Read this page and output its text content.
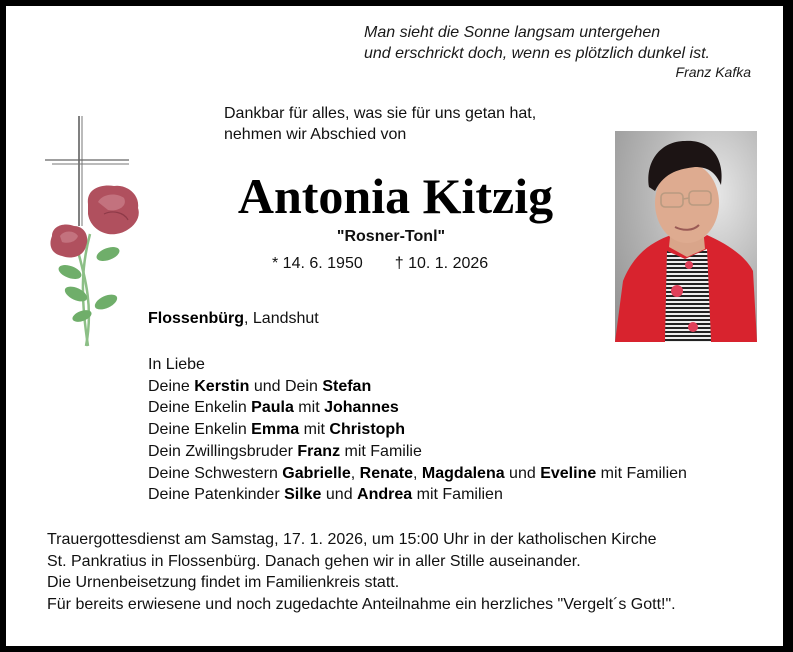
Man sieht die Sonne langsam untergehen
und erschrickt doch, wenn es plötzlich dunkel ist.
Franz Kafka
Dankbar für alles, was sie für uns getan hat,
nehmen wir Abschied von
Antonia Kitzig
"Rosner-Tonl"
* 14. 6. 1950 † 10. 1. 2026
Flossenbürg, Landshut
In Liebe
Deine Kerstin und Dein Stefan
Deine Enkelin Paula mit Johannes
Deine Enkelin Emma mit Christoph
Dein Zwillingsbruder Franz mit Familie
Deine Schwestern Gabrielle, Renate, Magdalena und Eveline mit Familien
Deine Patenkinder Silke und Andrea mit Familien
Trauergottesdienst am Samstag, 17. 1. 2026, um 15:00 Uhr in der katholischen Kirche
St. Pankratius in Flossenbürg. Danach gehen wir in aller Stille auseinander.
Die Urnenbeisetzung findet im Familienkreis statt.
Für bereits erwiesene und noch zugedachte Anteilnahme ein herzliches "Vergelt´s Gott!".
